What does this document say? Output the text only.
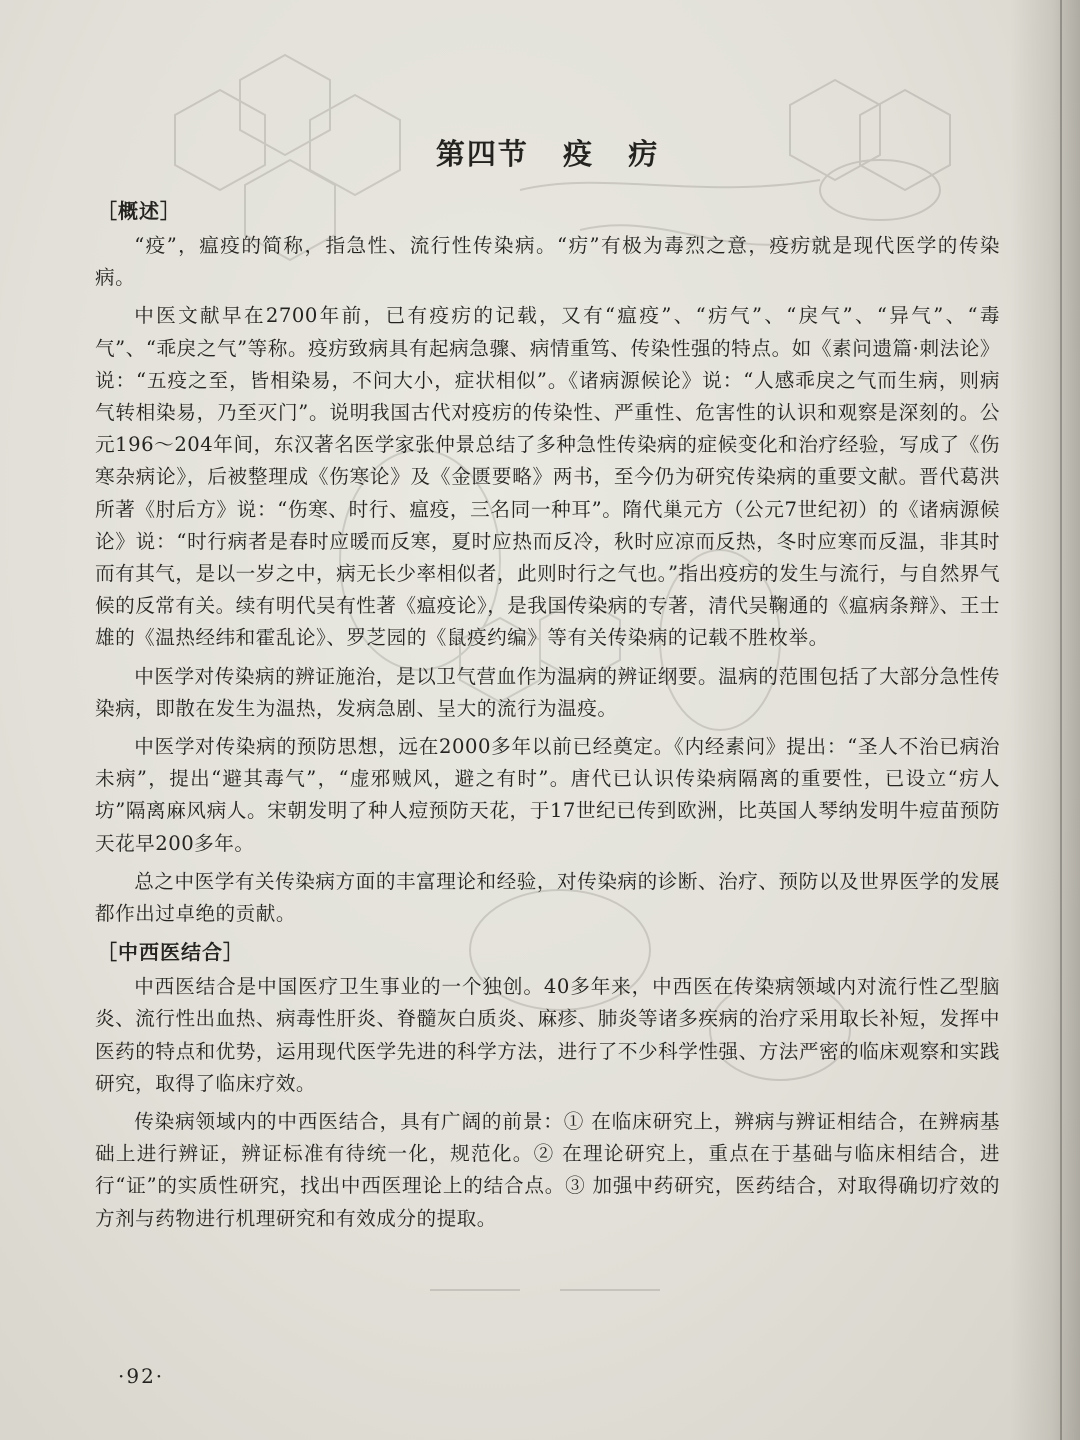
第四节 疫 疠
［概述］

“疫”，瘟疫的简称，指急性、流行性传染病。“疠”有极为毒烈之意，疫疠就是现代医学的传染病。

中医文献早在2700年前，已有疫疠的记载，又有“瘟疫”、“疠气”、“戾气”、“异气”、“毒气”、“乖戾之气”等称。疫疠致病具有起病急骤、病情重笃、传染性强的特点。如《素问遗篇·刺法论》说：“五疫之至，皆相染易，不问大小，症状相似”。《诸病源候论》说：“人感乖戾之气而生病，则病气转相染易，乃至灭门”。说明我国古代对疫疠的传染性、严重性、危害性的认识和观察是深刻的。公元196～204年间，东汉著名医学家张仲景总结了多种急性传染病的症候变化和治疗经验，写成了《伤寒杂病论》，后被整理成《伤寒论》及《金匮要略》两书，至今仍为研究传染病的重要文献。晋代葛洪所著《肘后方》说：“伤寒、时行、瘟疫，三名同一种耳”。隋代巢元方（公元7世纪初）的《诸病源候论》说：“时行病者是春时应暖而反寒，夏时应热而反冷，秋时应凉而反热，冬时应寒而反温，非其时而有其气，是以一岁之中，病无长少率相似者，此则时行之气也。”指出疫疠的发生与流行，与自然界气候的反常有关。续有明代吴有性著《瘟疫论》，是我国传染病的专著，清代吴鞠通的《瘟病条辩》、王士雄的《温热经纬和霍乱论》、罗芝园的《鼠疫约编》等有关传染病的记载不胜枚举。

中医学对传染病的辨证施治，是以卫气营血作为温病的辨证纲要。温病的范围包括了大部分急性传染病，即散在发生为温热，发病急剧、呈大的流行为温疫。

中医学对传染病的预防思想，远在2000多年以前已经奠定。《内经素问》提出：“圣人不治已病治未病”，提出“避其毒气”，“虚邪贼风，避之有时”。唐代已认识传染病隔离的重要性，已设立“疠人坊”隔离麻风病人。宋朝发明了种人痘预防天花，于17世纪已传到欧洲，比英国人琴纳发明牛痘苗预防天花早200多年。

总之中医学有关传染病方面的丰富理论和经验，对传染病的诊断、治疗、预防以及世界医学的发展都作出过卓绝的贡献。

［中西医结合］

中西医结合是中国医疗卫生事业的一个独创。40多年来，中西医在传染病领域内对流行性乙型脑炎、流行性出血热、病毒性肝炎、脊髓灰白质炎、麻疹、肺炎等诸多疾病的治疗采用取长补短，发挥中医药的特点和优势，运用现代医学先进的科学方法，进行了不少科学性强、方法严密的临床观察和实践研究，取得了临床疗效。

传染病领域内的中西医结合，具有广阔的前景：① 在临床研究上，辨病与辨证相结合，在辨病基础上进行辨证，辨证标准有待统一化，规范化。② 在理论研究上，重点在于基础与临床相结合，进行“证”的实质性研究，找出中西医理论上的结合点。③ 加强中药研究，医药结合，对取得确切疗效的方剂与药物进行机理研究和有效成分的提取。

·92·
